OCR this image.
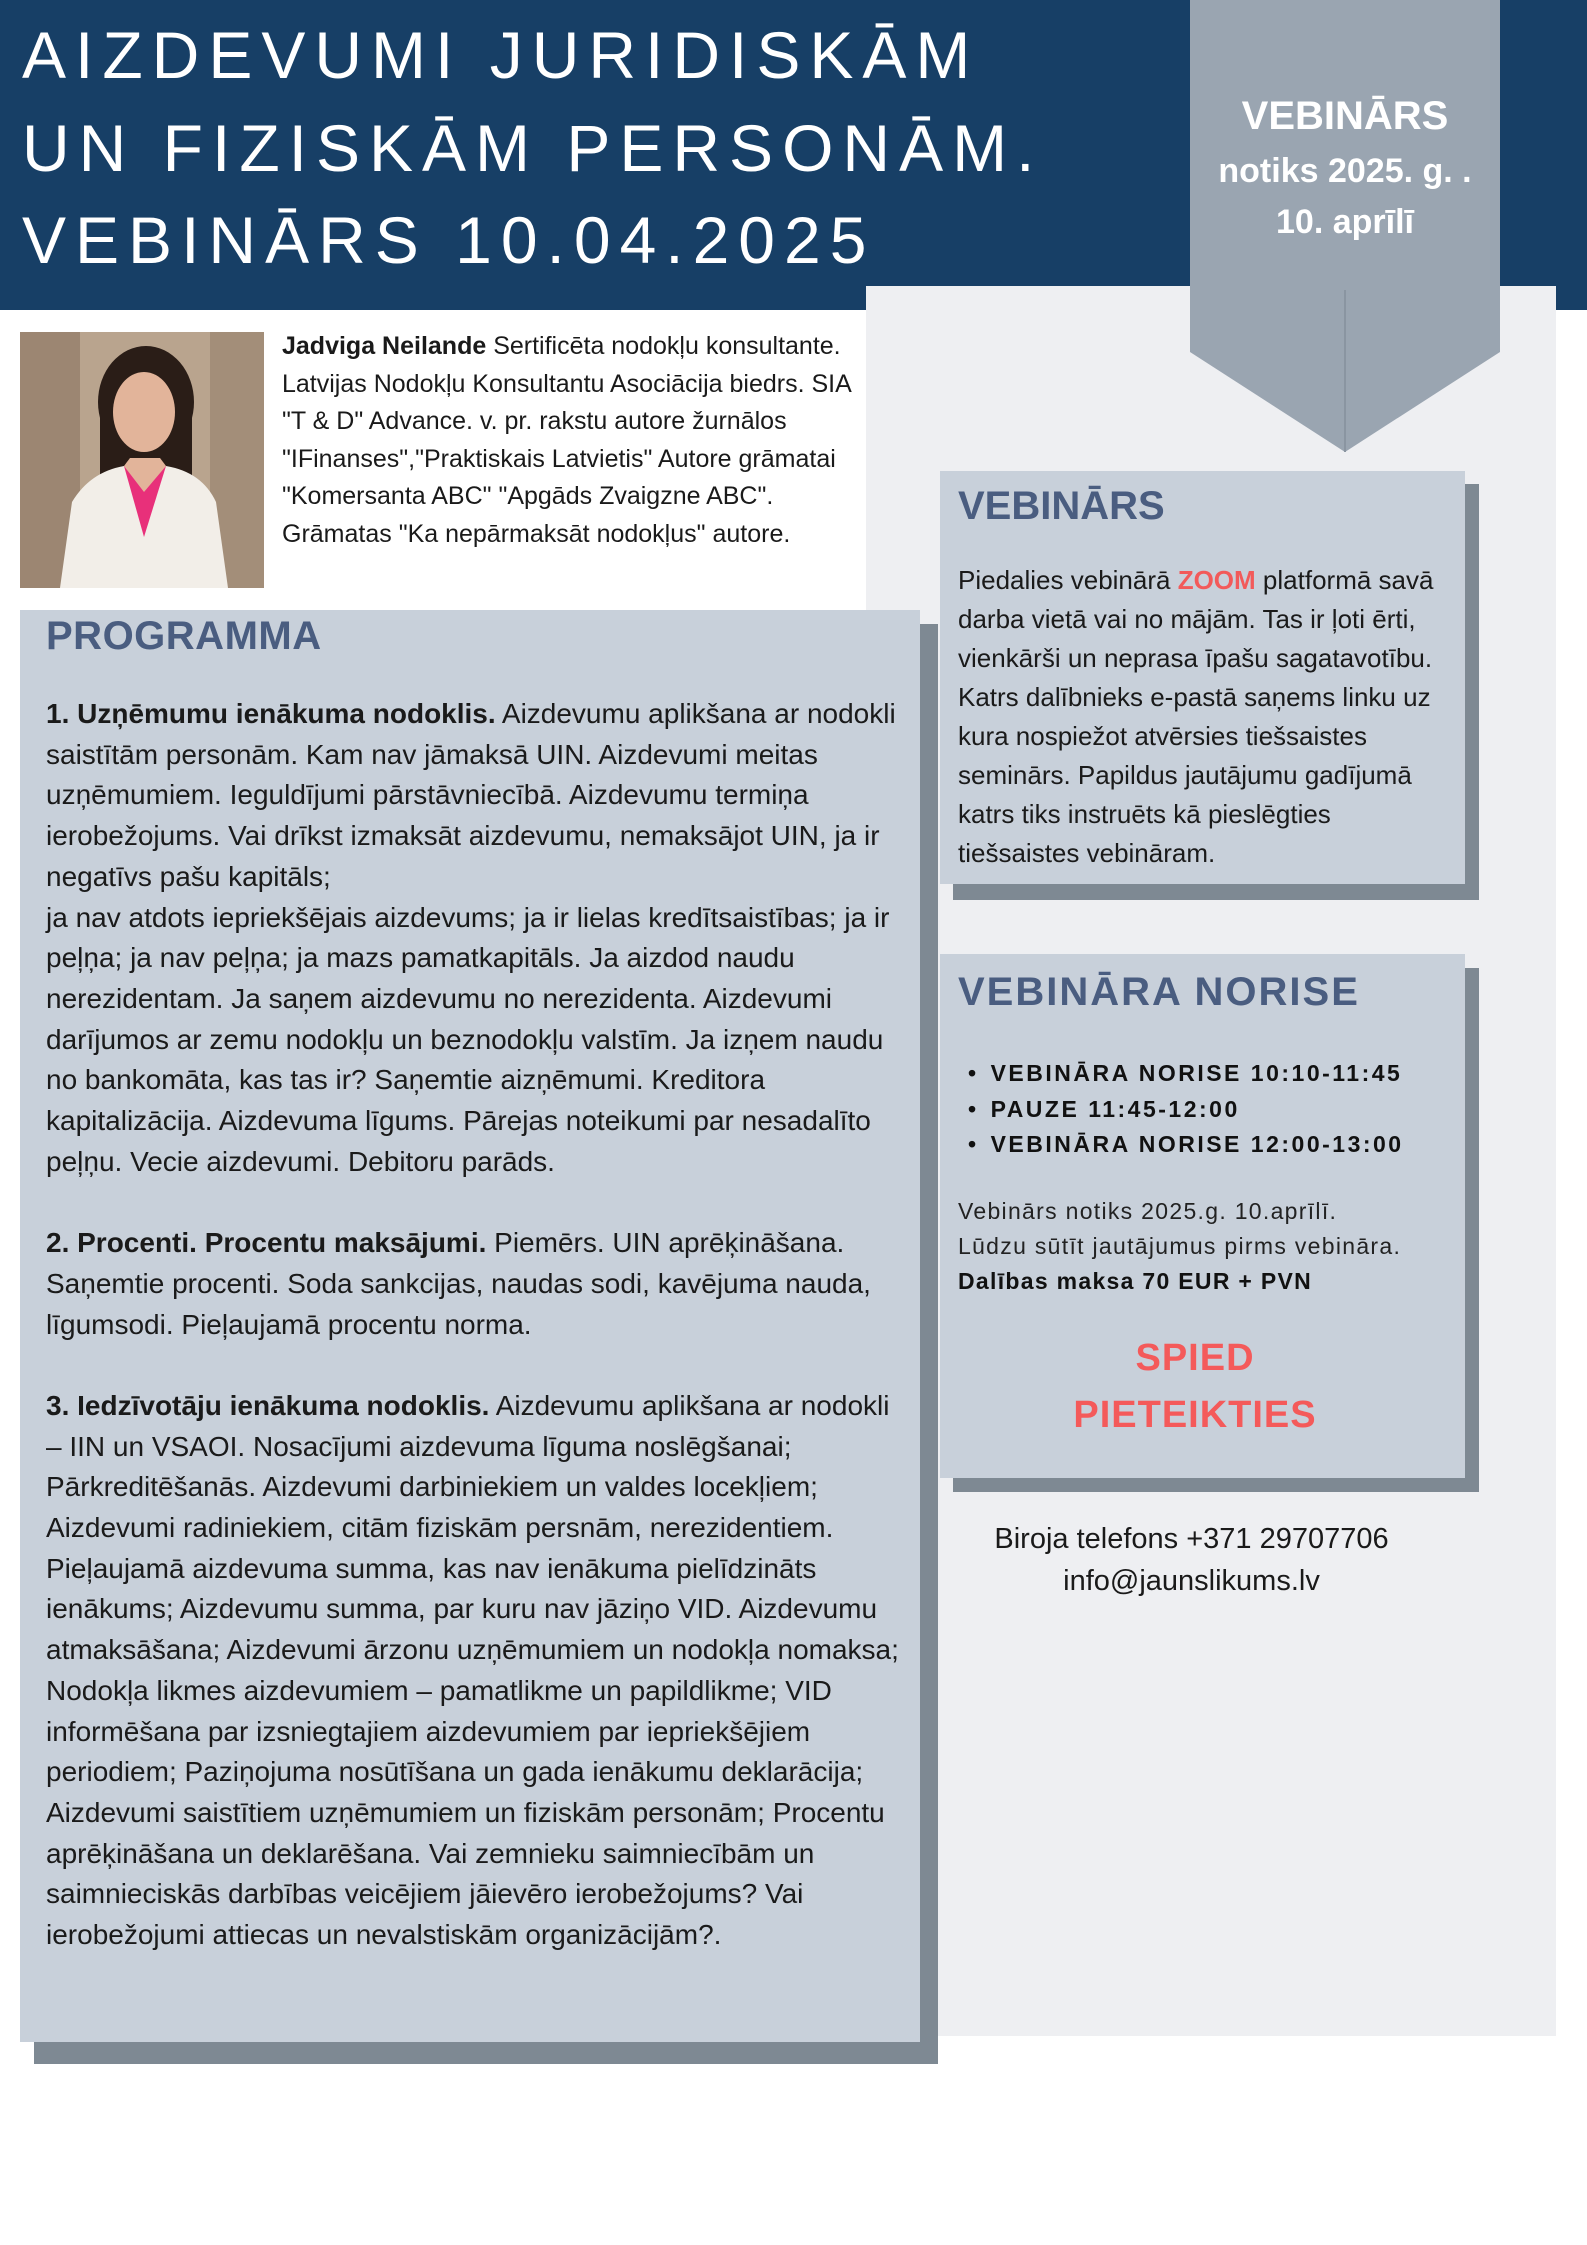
AIZDEVUMI JURIDISKĀM
UN FIZISKĀM PERSONĀM.
VEBINĀRS 10.04.2025
VEBINĀRS
notiks 2025. g. .
10. aprīlī
Jadviga Neilande Sertificēta nodokļu konsultante. Latvijas Nodokļu Konsultantu Asociācija biedrs. SIA "T & D" Advance. v. pr. rakstu autore žurnālos "IFinanses","Praktiskais Latvietis" Autore grāmatai "Komersanta ABC" "Apgāds Zvaigzne ABC". Grāmatas "Ka nepārmaksāt nodokļus" autore.
PROGRAMMA

1. Uzņēmumu ienākuma nodoklis. Aizdevumu aplikšana ar nodokli saistītām personām. Kam nav jāmaksā UIN. Aizdevumi meitas uzņēmumiem. Ieguldījumi pārstāvniecībā. Aizdevumu termiņa ierobežojums. Vai drīkst izmaksāt aizdevumu, nemaksājot UIN, ja ir negatīvs pašu kapitāls;

ja nav atdots iepriekšējais aizdevums; ja ir lielas kredītsaistības; ja ir peļņa; ja nav peļņa; ja mazs pamatkapitāls. Ja aizdod naudu nerezidentam. Ja saņem aizdevumu no nerezidenta. Aizdevumi darījumos ar zemu nodokļu un beznodokļu valstīm. Ja izņem naudu no bankomāta, kas tas ir? Saņemtie aizņēmumi. Kreditora kapitalizācija. Aizdevuma līgums. Pārejas noteikumi par nesadalīto peļņu. Vecie aizdevumi. Debitoru parāds.

2. Procenti. Procentu maksājumi. Piemērs. UIN aprēķināšana. Saņemtie procenti. Soda sankcijas, naudas sodi, kavējuma nauda, līgumsodi. Pieļaujamā procentu norma.

3. Iedzīvotāju ienākuma nodoklis. Aizdevumu aplikšana ar nodokli – IIN un VSAOI. Nosacījumi aizdevuma līguma noslēgšanai; Pārkreditēšanās. Aizdevumi darbiniekiem un valdes locekļiem; Aizdevumi radiniekiem, citām fiziskām persnām, nerezidentiem. Pieļaujamā aizdevuma summa, kas nav ienākuma pielīdzināts ienākums; Aizdevumu summa, par kuru nav jāziņo VID. Aizdevumu atmaksāšana; Aizdevumi ārzonu uzņēmumiem un nodokļa nomaksa; Nodokļa likmes aizdevumiem – pamatlikme un papildlikme; VID informēšana par izsniegtajiem aizdevumiem par iepriekšējiem periodiem; Paziņojuma nosūtīšana un gada ienākumu deklarācija; Aizdevumi saistītiem uzņēmumiem un fiziskām personām; Procentu aprēķināšana un deklarēšana. Vai zemnieku saimniecībām un saimnieciskās darbības veicējiem jāievēro ierobežojums? Vai ierobežojumi attiecas un nevalstiskām organizācijām?.

VEBINĀRS
Piedalies vebinārā ZOOM platformā savā darba vietā vai no mājām. Tas ir ļoti ērti, vienkārši un neprasa īpašu sagatavotību. Katrs dalībnieks e-pastā saņems linku uz kura nospiežot atvērsies tiešsaistes seminārs. Papildus jautājumu gadījumā katrs tiks instruēts kā pieslēgties tiešsaistes vebināram.
VEBINĀRA NORISE
• VEBINĀRA NORISE 10:10-11:45
• PAUZE 11:45-12:00
• VEBINĀRA NORISE 12:00-13:00
Vebinārs notiks 2025.g. 10.aprīlī.
Lūdzu sūtīt jautājumus pirms vebināra.
Dalības maksa 70 EUR + PVN
SPIED
PIETEIKTIES
Biroja telefons +371 29707706
info@jaunslikums.lv
